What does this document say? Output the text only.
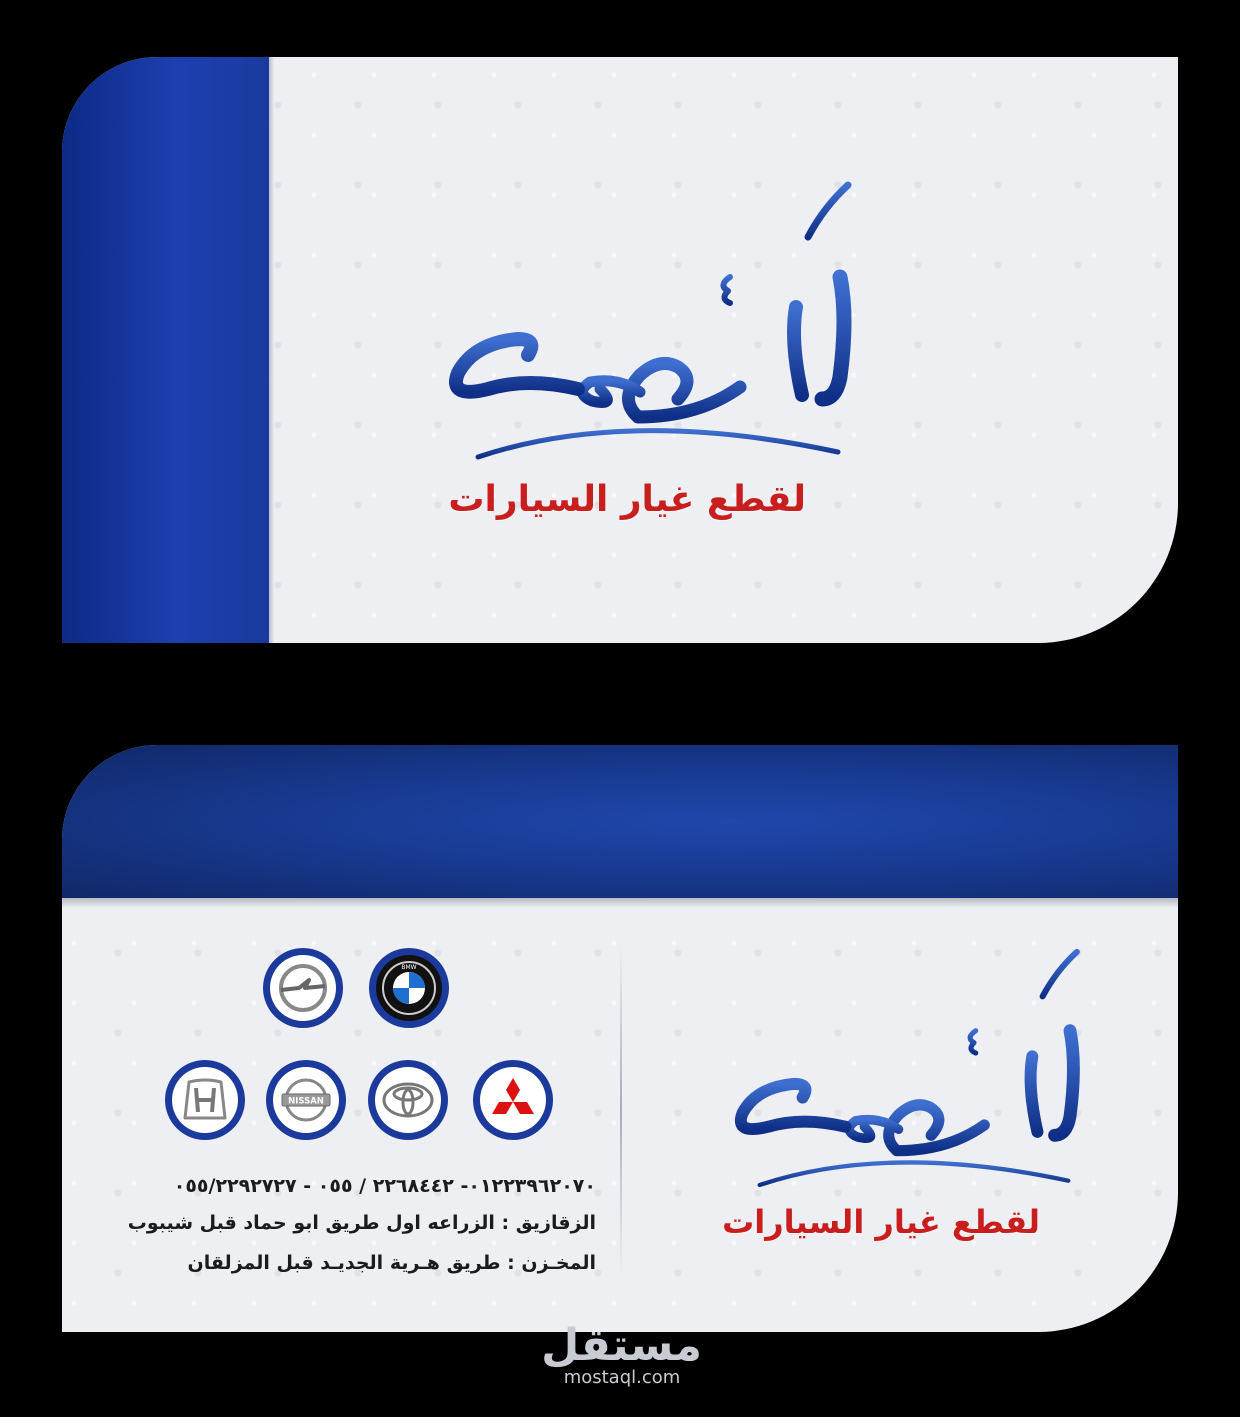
لقطع غيار السيارات
لقطع غيار السيارات
BMW
NISSAN
٠١٢٢٣٩٦٢٠٧٠- ٢٢٦٨٤٤٢ / ٠٥٥ - ٠٥٥/٢٢٩٢٧٢٧
الزقازيق : الزراعه اول طريق ابو حماد قبل شيبوب
المخـزن : طريق هـرية الجديـد قبل المزلقان
مستقل
mostaql.com
